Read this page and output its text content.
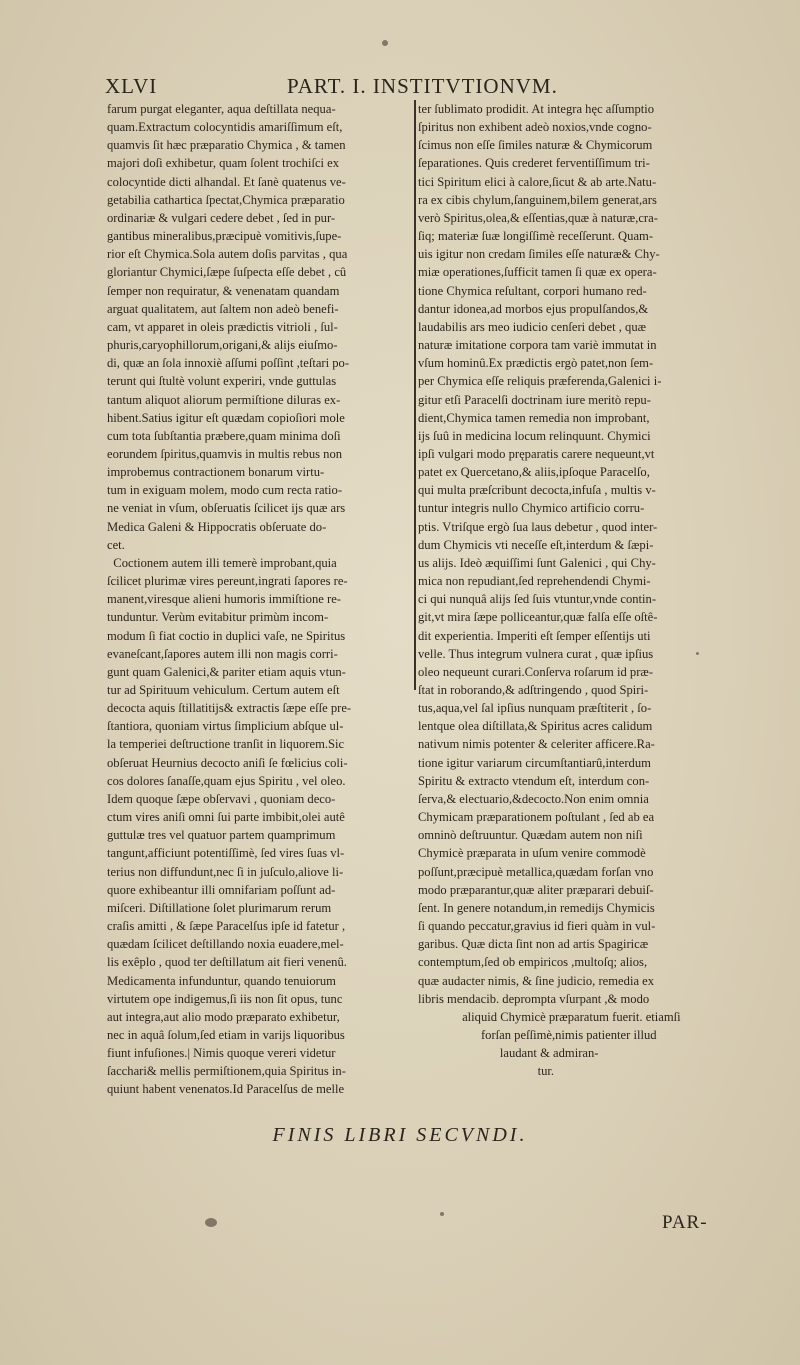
XLVI	PART. I. INSTITVTIONVM.
farum purgat eleganter, aqua deſtillata nequa-
quam.Extractum colocyntidis amariſſimum eſt,
quamvis ſit hæc præparatio Chymica , & tamen
majori doſi exhibetur, quam ſolent trochiſci ex
colocyntide dicti alhandal. Et ſanè quatenus ve-
getabilia cathartica ſpectat,Chymica præparatio
ordinariæ & vulgari cedere debet , ſed in pur-
gantibus mineralibus,præcipuè vomitivis,ſupe-
rior eſt Chymica.Sola autem doſis parvitas , qua
gloriantur Chymici,ſæpe ſuſpecta eſſe debet , cû
ſemper non requiratur, & venenatam quandam
arguat qualitatem, aut ſaltem non adeò benefi-
cam, vt apparet in oleis prædictis vitrioli , ſul-
phuris,caryophillorum,origani,& alijs eiuſmo-
di, quæ an ſola innoxiè aſſumi poſſint ,teſtari po-
terunt qui ſtultè volunt experiri, vnde guttulas
tantum aliquot aliorum permiſtione diluras ex-
hibent.Satius igitur eſt quædam copioſiori mole
cum tota ſubſtantia præbere,quam minima doſi
eorundem ſpiritus,quamvis in multis rebus non
improbemus contractionem bonarum virtu-
tum in exiguam molem, modo cum recta ratio-
ne veniat in vſum, obſeruatis ſcilicet ijs quæ ars
Medica Galeni & Hippocratis obſeruate do-
cet.
Coctionem autem illi temerè improbant,quia
ſcilicet plurimæ vires pereunt,ingrati ſapores re-
manent,viresque alieni humoris immiſtione re-
tunduntur. Verùm evitabitur primùm incom-
modum ſi fiat coctio in duplici vaſe, ne Spiritus
evaneſcant,ſapores autem illi non magis corri-
gunt quam Galenici,& pariter etiam aquis vtun-
tur ad Spirituum vehiculum. Certum autem eſt
decocta aquis ſtillatitijs& extractis ſæpe eſſe pre-
ſtantiora, quoniam virtus ſimplicium abſque ul-
la temperiei deſtructione tranſit in liquorem.Sic
obſeruat Heurnius decocto aniſi ſe fœlicius coli-
cos dolores ſanaſſe,quam ejus Spiritu , vel oleo.
Idem quoque ſæpe obſervavi , quoniam deco-
ctum vires aniſi omni ſui parte imbibit,olei autê
guttulæ tres vel quatuor partem quamprimum
tangunt,afficiunt potentiſſimè, ſed vires ſuas vl-
terius non diffundunt,nec ſi in juſculo,aliove li-
quore exhibeantur illi omnifariam poſſunt ad-
miſceri. Diſtillatione ſolet plurimarum rerum
craſis amitti , & ſæpe Paracelſus ipſe id fatetur ,
quædam ſcilicet deſtillando noxia euadere,mel-
lis exêplo , quod ter deſtillatum ait fieri venenû.
Medicamenta infunduntur, quando tenuiorum
virtutem ope indigemus,ſi iis non ſit opus, tunc
aut integra,aut alio modo præparato exhibetur,
nec in aquâ ſolum,ſed etiam in varijs liquoribus
fiunt infuſiones.| Nimis quoque vereri videtur
ſacchari& mellis permiſtionem,quia Spiritus in-
quiunt habent venenatos.Id Paracelſus de melle
ter ſublimato prodidit. At integra hęc aſſumptio
ſpiritus non exhibent adeò noxios,vnde cogno-
ſcimus non eſſe ſimiles naturæ & Chymicorum
ſeparationes. Quis crederet ferventiſſimum tri-
tici Spiritum elici à calore,ſicut & ab arte.Natu-
ra ex cibis chylum,ſanguinem,bilem generat,ars
verò Spiritus,olea,& eſſentias,quæ à naturæ,cra-
ſiq; materiæ ſuæ longiſſimè receſſerunt. Quam-
uis igitur non credam ſimiles eſſe naturæ& Chy-
miæ operationes,ſufficit tamen ſi quæ ex opera-
tione Chymica reſultant, corpori humano red-
dantur idonea,ad morbos ejus propulſandos,&
laudabilis ars meo iudicio cenſeri debet , quæ
naturæ imitatione corpora tam variè immutat in
vſum hominû.Ex prædictis ergò patet,non ſem-
per Chymica eſſe reliquis præferenda,Galenici i-
gitur etſi Paracelſi doctrinam iure meritò repu-
dient,Chymica tamen remedia non improbant,
ijs ſuû in medicina locum relinquunt. Chymici
ipſi vulgari modo pręparatis carere nequeunt,vt
patet ex Quercetano,& aliis,ipſoque Paracelſo,
qui multa præſcribunt decocta,infuſa , multis v-
tuntur integris nullo Chymico artificio corru-
ptis. Vtriſque ergò ſua laus debetur , quod inter-
dum Chymicis vti neceſſe eſt,interdum & ſæpi-
us alijs. Ideò æquiſſimi ſunt Galenici , qui Chy-
mica non repudiant,ſed reprehendendi Chymi-
ci qui nunquâ alijs ſed ſuis vtuntur,vnde contin-
git,vt mira ſæpe polliceantur,quæ falſa eſſe oſtê-
dit experientia. Imperiti eſt ſemper eſſentijs uti
velle. Thus integrum vulnera curat , quæ ipſius
oleo nequeunt curari.Conſerva roſarum id præ-
ſtat in roborando,& adſtringendo , quod Spiri-
tus,aqua,vel ſal ipſius nunquam præſtiterit , ſo-
lentque olea diſtillata,& Spiritus acres calidum
nativum nimis potenter & celeriter afficere.Ra-
tione igitur variarum circumſtantiarû,interdum
Spiritu & extracto vtendum eſt, interdum con-
ſerva,& electuario,&decocto.Non enim omnia
Chymicam præparationem poſtulant , ſed ab ea
omninò deſtruuntur. Quædam autem non niſi
Chymicè præparata in uſum venire commodè
poſſunt,præcipuè metallica,quædam forſan vno
modo præparantur,quæ aliter præparari debuiſ-
ſent. In genere notandum,in remedijs Chymicis
ſi quando peccatur,gravius id fieri quàm in vul-
garibus. Quæ dicta ſint non ad artis Spagiricæ
contemptum,ſed ob empiricos ,multoſq; alios,
quæ audacter nimis, & ſine judicio, remedia ex
libris mendacib. deprompta vſurpant ,& modo
aliquid Chymicè præparatum fuerit. etiamſi
forſan peſſimè,nimis patienter illud
laudant & admiran-
tur.
FINIS LIBRI SECVNDI.
PAR-
